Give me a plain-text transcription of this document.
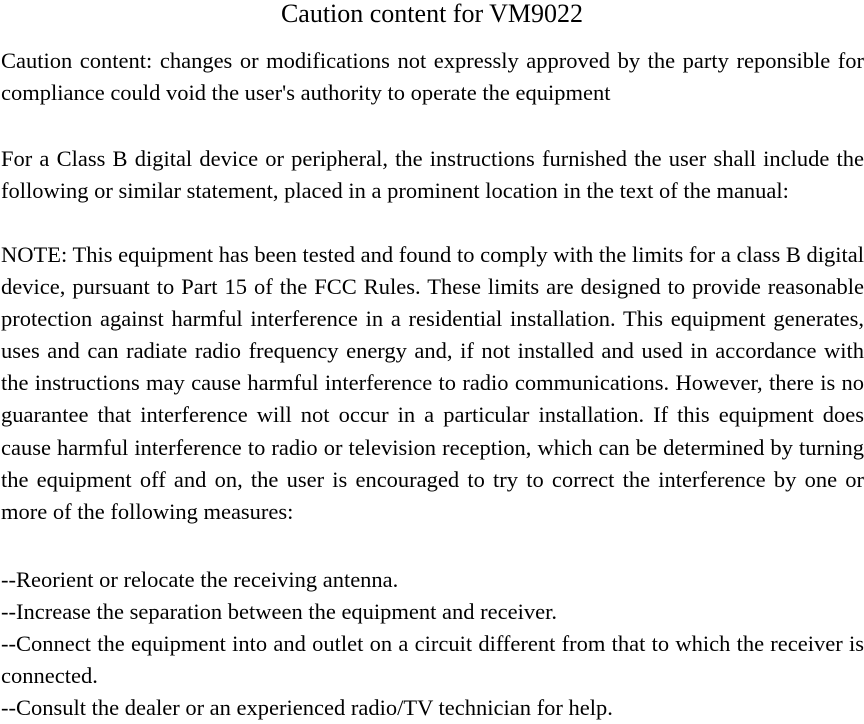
Caution content for VM9022

Caution content: changes or modifications not expressly approved by the party reponsible for compliance could void the user's authority to operate the equipment

For a Class B digital device or peripheral, the instructions furnished the user shall include the following or similar statement, placed in a prominent location in the text of the manual:

NOTE: This equipment has been tested and found to comply with the limits for a class B digital device, pursuant to Part 15 of the FCC Rules. These limits are designed to provide reasonable protection against harmful interference in a residential installation. This equipment generates, uses and can radiate radio frequency energy and, if not installed and used in accordance with the instructions may cause harmful interference to radio communications. However, there is no guarantee that interference will not occur in a particular installation. If this equipment does cause harmful interference to radio or television reception, which can be determined by turning the equipment off and on, the user is encouraged to try to correct the interference by one or more of the following measures:

--Reorient or relocate the receiving antenna.

--Increase the separation between the equipment and receiver.

--Connect the equipment into and outlet on a circuit different from that to which the receiver is connected.

--Consult the dealer or an experienced radio/TV technician for help.
